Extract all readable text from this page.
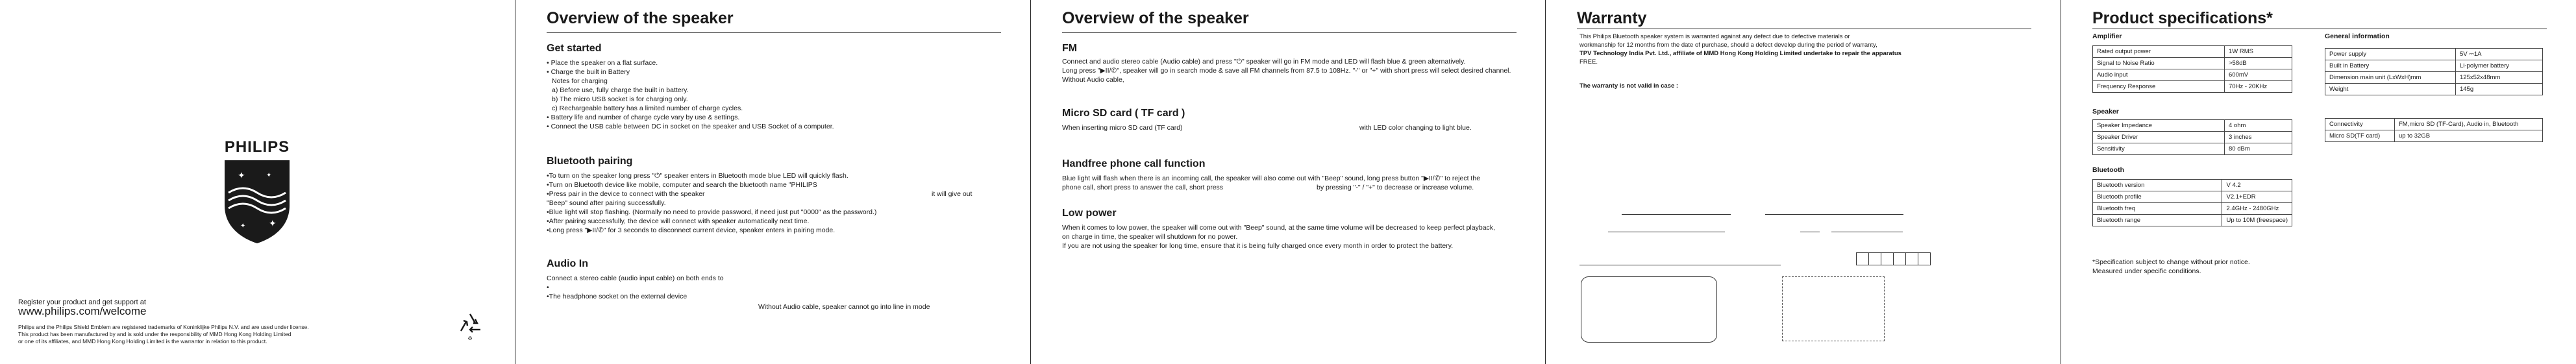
PHILIPS
✦
✦
✦
✦
Register your product and get support at
www.philips.com/welcome
Philips and the Philips Shield Emblem are registered trademarks of Koninklijke Philips N.V. and are used under license.
This product has been manufactured by and is sold under the responsibility of MMD Hong Kong Holding Limited
or one of its affiliates, and MMD Hong Kong Holding Limited is the warrantor in relation to this product.	♻
Overview of the speaker
Get started
• Place the speaker on a flat surface.
• Charge the built in Battery
Notes for charging
a) Before use, fully charge the built in battery.
b) The micro USB socket is for charging only.
c) Rechargeable battery has a limited number of charge cycles.
• Battery life and number of charge cycle vary by use & settings.
• Connect the USB cable between DC in socket on the speaker and USB Socket of a computer.
Bluetooth pairing
•To turn on the speaker long press "⏻" speaker enters in Bluetooth mode blue LED will quickly flash.
•Turn on Bluetooth device like mobile, computer and search the bluetooth name "PHILIPS
•Press pair in the device to connect with the speaker	it will give out
"Beep" sound after pairing successfully.
•Blue light will stop flashing. (Normally no need to provide password, if need just put "0000" as the password.)
•After pairing successfully, the device will connect with speaker automatically next time.
•Long press "▶II/✆" for 3 seconds to disconnect current device, speaker enters in pairing mode.
Audio In
Connect a stereo cable (audio input cable) on both ends to
•
•The headphone socket on the external device
Without Audio cable, speaker cannot go into line in mode
Overview of the speaker
FM
Connect and audio stereo cable (Audio cable) and press "⏻" speaker will go in FM mode and LED will flash blue & green alternatively.
Long press "▶II/✆", speaker will go in search mode & save all FM channels from 87.5 to 108Hz. "-" or "+" with short press will select desired channel.
Without Audio cable,
Micro SD card ( TF card )
When inserting micro SD card (TF card)	with LED color changing to light blue.
Handfree phone call function
Blue light will flash when there is an incoming call, the speaker will also come out with "Beep" sound, long press button "▶II/✆" to reject the
phone call, short press to answer the call, short press	by pressing "-" / "+" to decrease or increase volume.
Low power
When it comes to low power, the speaker will come out with "Beep" sound, at the same time volume will be decreased to keep perfect playback,
on charge in time, the speaker will shutdown for no power.
If you are not using the speaker for long time, ensure that it is being fully charged once every month in order to protect the battery.
Warranty
This Philips Bluetooth speaker system is warranted against any defect due to defective materials or
workmanship for 12 months from the date of purchase, should a defect develop during the period of warranty,
TPV Technology India Pvt. Ltd., affiliate of MMD Hong Kong Holding Limited undertake to repair the apparatus
FREE.
The warranty is not valid in case :
Product specifications*
Amplifier
Rated output power	1W RMS
Signal to Noise Ratio	>58dB
Audio input	600mV
Frequency Response	70Hz - 20KHz
Speaker
Speaker Impedance	4 ohm
Speaker Driver	3 inches
Sensitivity	80 dBm
Bluetooth
Bluetooth version	V 4.2
Bluetooth profile	V2.1+EDR
Bluetooth freq	2.4GHz - 2480GHz
Bluetooth range	Up to 10M (freespace)
General information
Power supply	5V ⎓1A
Built in Battery	Li-polymer battery
Dimension main unit (LxWxH)mm	125x52x48mm
Weight	145g
Connectivity	FM,micro SD (TF-Card), Audio in, Bluetooth
Micro SD(TF card)	up to 32GB
*Specification subject to change without prior notice.
Measured under specific conditions.
